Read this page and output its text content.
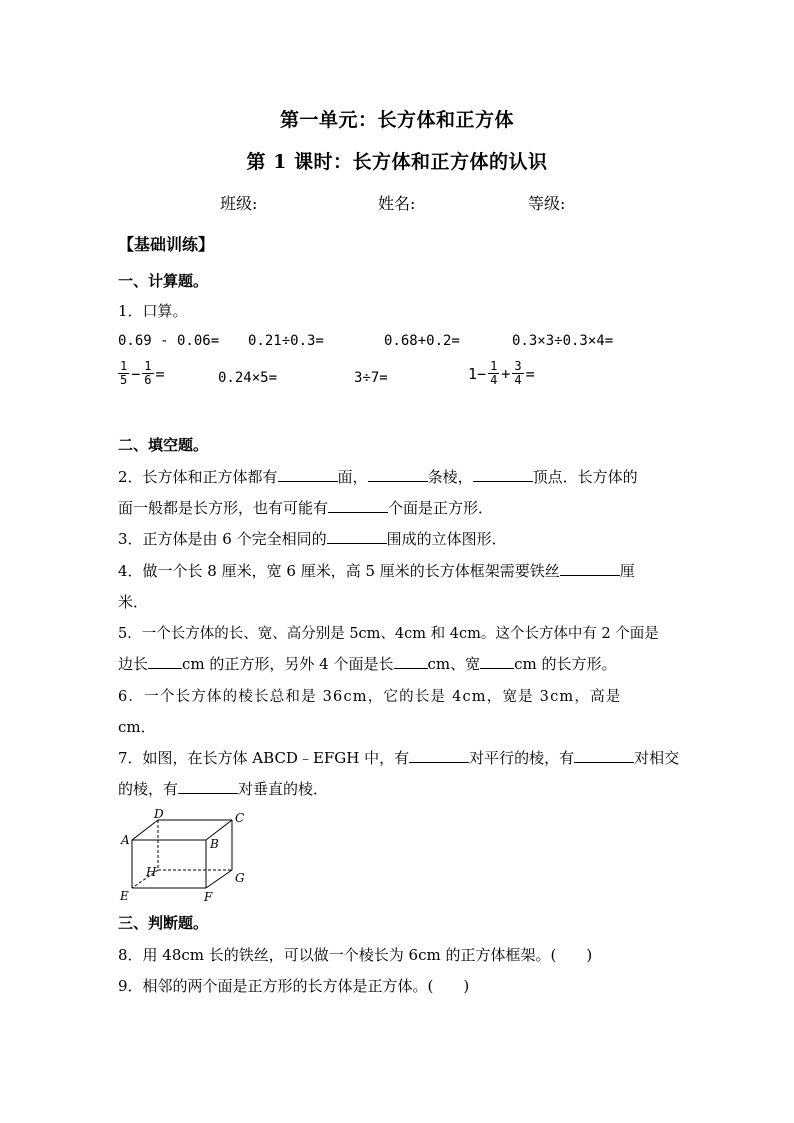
第一单元：长方体和正方体
第 1 课时：长方体和正方体的认识
班级:	姓名:	等级:
【基础训练】
一、计算题。
1．口算。
0.69 - 0.06= 0.21÷0.3=	0.68+0.2=	0.3×3÷0.3×4=
$\frac{1}{5} - \frac{1}{6}$ =	0.24×5=	3÷7=	$1- \frac{1}{4} + \frac{3}{4}$ =
二、填空题。
2．长方体和正方体都有	面，	条棱，	顶点．长方体的
面一般都是长方形，也有可能有	个面是正方形．
3．正方体是由 6 个完全相同的	围成的立体图形．
4．做一个长 8 厘米，宽 6 厘米，高 5 厘米的长方体框架需要铁丝	厘
米．
5．一个长方体的长、宽、高分别是 5cm、4cm 和 4cm。这个长方体中有 2 个面是
边长 cm 的正方形，另外 4 个面是长 cm、宽 cm 的长方形。
6．一个长方体的棱长总和是 36cm，它的长是 4cm，宽是 3cm，高是
cm．
7．如图，在长方体 ABCD﹣EFGH 中，有	对平行的棱，有	对相交
的棱，有	对垂直的棱．
A	B
C
D
E	F
G
H
三、判断题。
8．用 48cm 长的铁丝，可以做一个棱长为 6cm 的正方体框架。(　　)
9．相邻的两个面是正方形的长方体是正方体。(　　)
